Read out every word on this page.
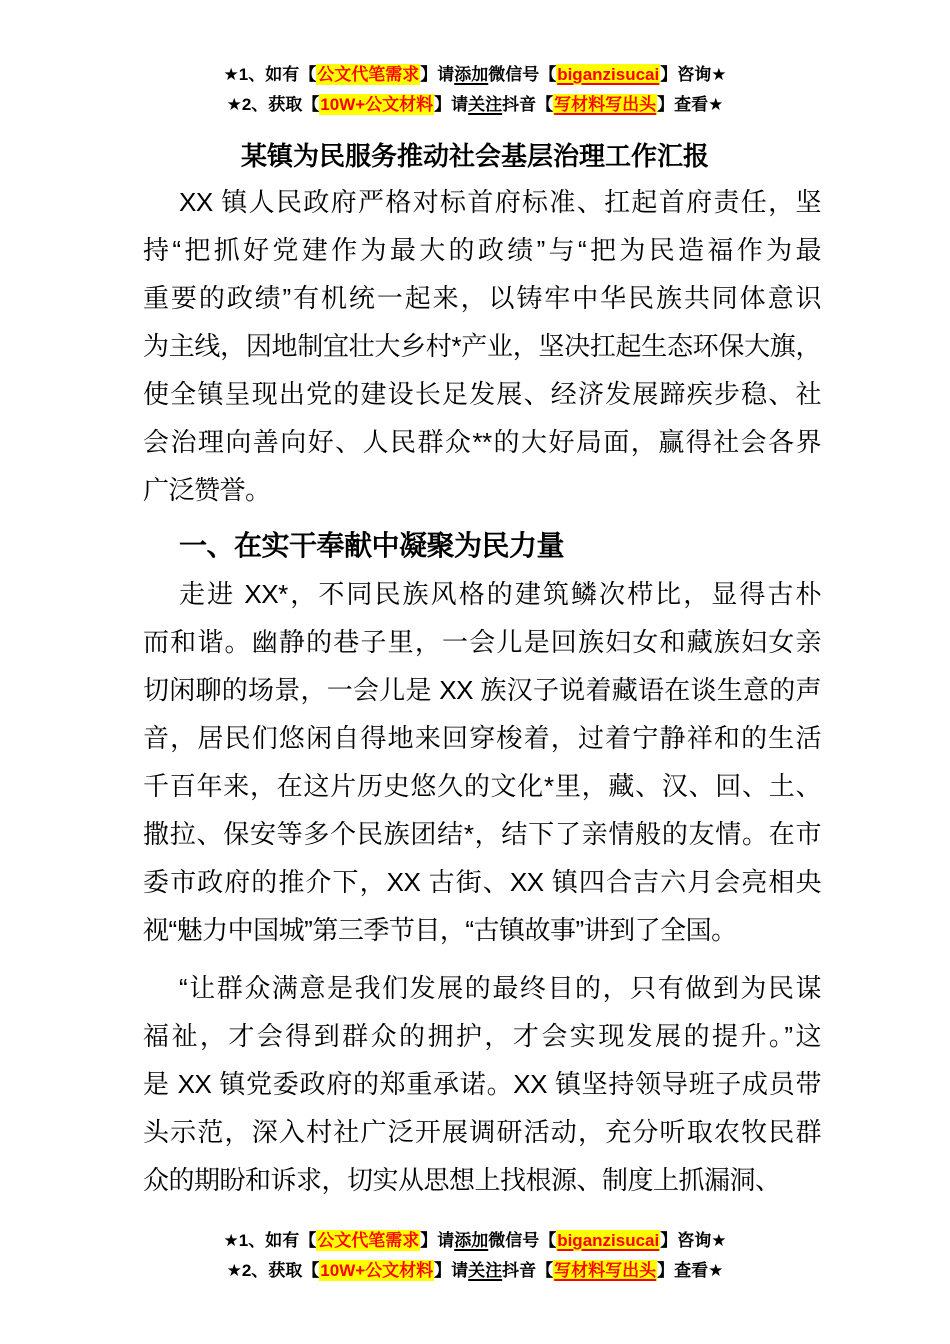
★1、如有【公文代笔需求】请添加微信号【biganzisucai】咨询★
★2、获取【10W+公文材料】请关注抖音【写材料写出头】查看★
某镇为民服务推动社会基层治理工作汇报
XX 镇人民政府严格对标首府标准、扛起首府责任，坚
持“把抓好党建作为最大的政绩”与“把为民造福作为最
重要的政绩”有机统一起来，以铸牢中华民族共同体意识
为主线，因地制宜壮大乡村*产业，坚决扛起生态环保大旗，
使全镇呈现出党的建设长足发展、经济发展蹄疾步稳、社
会治理向善向好、人民群众**的大好局面，赢得社会各界
广泛赞誉。
一、在实干奉献中凝聚为民力量
走进 XX*，不同民族风格的建筑鳞次栉比，显得古朴
而和谐。幽静的巷子里，一会儿是回族妇女和藏族妇女亲
切闲聊的场景，一会儿是 XX 族汉子说着藏语在谈生意的声
音，居民们悠闲自得地来回穿梭着，过着宁静祥和的生活
千百年来，在这片历史悠久的文化*里，藏、汉、回、土、
撒拉、保安等多个民族团结*，结下了亲情般的友情。在市
委市政府的推介下，XX 古街、XX 镇四合吉六月会亮相央
视“魅力中国城”第三季节目，“古镇故事”讲到了全国。
“让群众满意是我们发展的最终目的，只有做到为民谋
福祉，才会得到群众的拥护，才会实现发展的提升。”这
是 XX 镇党委政府的郑重承诺。XX 镇坚持领导班子成员带
头示范，深入村社广泛开展调研活动，充分听取农牧民群
众的期盼和诉求，切实从思想上找根源、制度上抓漏洞、
★1、如有【公文代笔需求】请添加微信号【biganzisucai】咨询★
★2、获取【10W+公文材料】请关注抖音【写材料写出头】查看★
